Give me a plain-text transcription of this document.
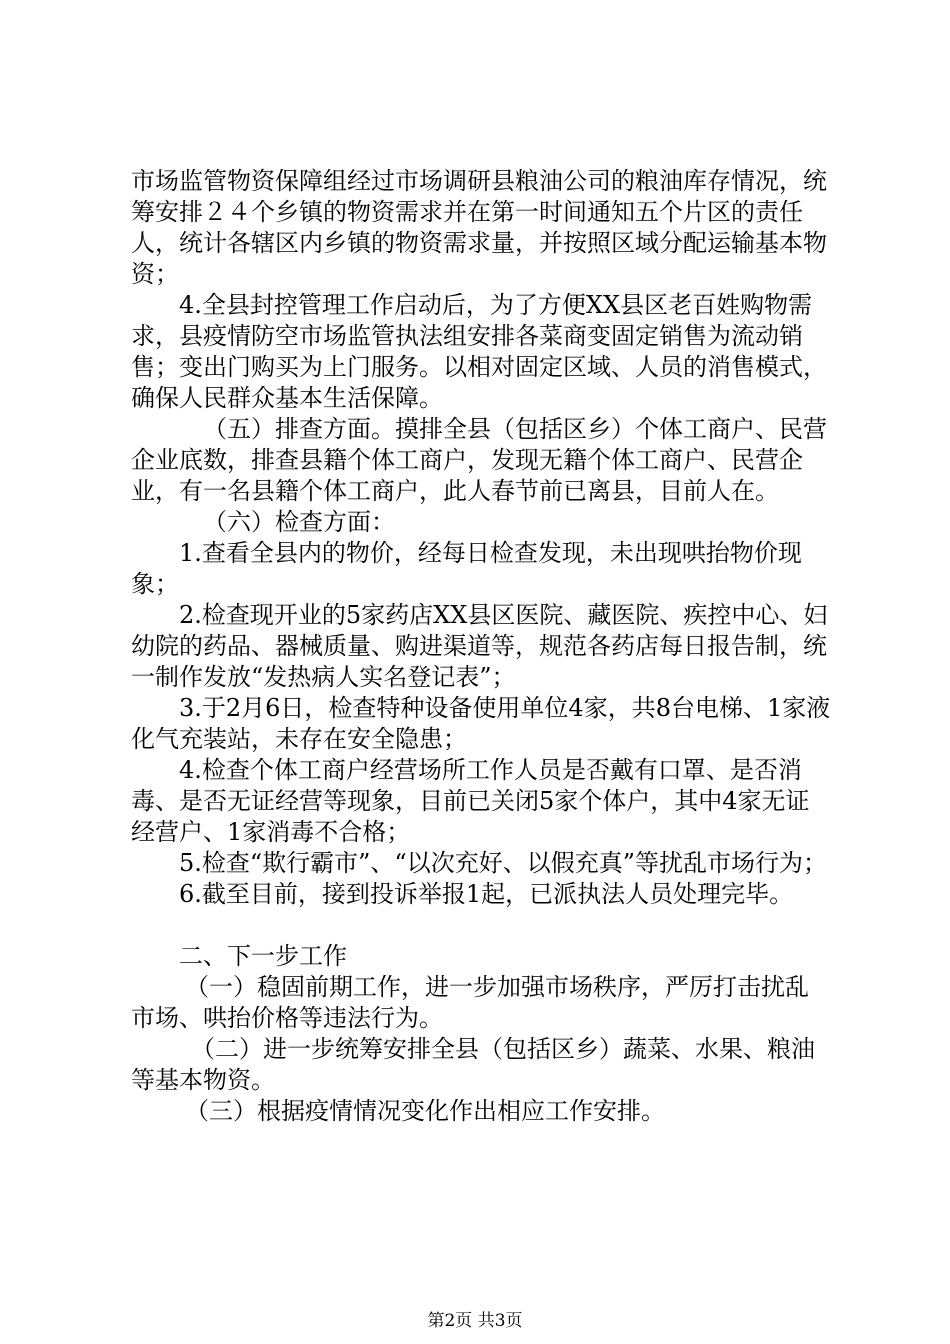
市场监管物资保障组经过市场调研县粮油公司的粮油库存情况，统筹安排２４个乡镇的物资需求并在第一时间通知五个片区的责任人，统计各辖区内乡镇的物资需求量，并按照区域分配运输基本物资；

4.全县封控管理工作启动后，为了方便XX县区老百姓购物需求，县疫情防空市场监管执法组安排各菜商变固定销售为流动销售；变出门购买为上门服务。以相对固定区域、人员的消售模式，确保人民群众基本生活保障。

（五）排查方面。摸排全县（包括区乡）个体工商户、民营企业底数，排查县籍个体工商户，发现无籍个体工商户、民营企业，有一名县籍个体工商户，此人春节前已离县，目前人在。

（六）检查方面：

1.查看全县内的物价，经每日检查发现，未出现哄抬物价现象；

2.检查现开业的5家药店XX县区医院、藏医院、疾控中心、妇幼院的药品、器械质量、购进渠道等，规范各药店每日报告制，统一制作发放“发热病人实名登记表”；

3.于2月6日，检查特种设备使用单位4家，共8台电梯、1家液化气充装站，未存在安全隐患；

4.检查个体工商户经营场所工作人员是否戴有口罩、是否消毒、是否无证经营等现象，目前已关闭5家个体户，其中4家无证经营户、1家消毒不合格；

5.检查“欺行霸市”、“以次充好、以假充真”等扰乱市场行为；

6.截至目前，接到投诉举报1起，已派执法人员处理完毕。

二、下一步工作

（一）稳固前期工作，进一步加强市场秩序，严厉打击扰乱市场、哄抬价格等违法行为。

（二）进一步统筹安排全县（包括区乡）蔬菜、水果、粮油等基本物资。

（三）根据疫情情况变化作出相应工作安排。

第2页 共3页
